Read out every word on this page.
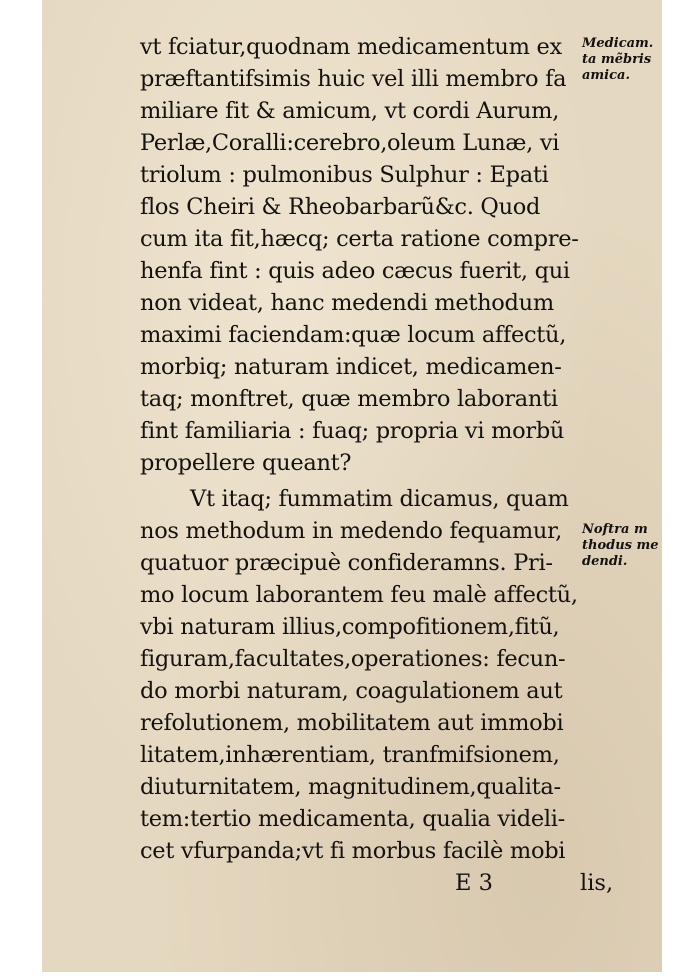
vt fciatur,quodnam medicamentum ex
præftantifsimis huic vel illi membro fa
miliare fit & amicum, vt cordi Aurum,
Perlæ,Coralli:cerebro,oleum Lunæ, vi
triolum : pulmonibus Sulphur : Epati
flos Cheiri & Rheobarbarũ&c. Quod
cum ita fit,hæcq; certa ratione compre-
henfa fint : quis adeo cæcus fuerit, qui
non videat, hanc medendi methodum
maximi faciendam:quæ locum affectũ,
morbiq; naturam indicet, medicamen-
taq; monftret, quæ membro laboranti
fint familiaria : fuaq; propria vi morbũ
propellere queant?
Vt itaq; fummatim dicamus, quam
nos methodum in medendo fequamur,
quatuor præcipuè confideramns. Pri-
mo locum laborantem feu malè affectũ,
vbi naturam illius,compofitionem,fitũ,
figuram,facultates,operationes: fecun-
do morbi naturam, coagulationem aut
refolutionem, mobilitatem aut immobi
litatem,inhærentiam, tranfmifsionem,
diuturnitatem, magnitudinem,qualita-
tem:tertio medicamenta, qualia videli-
cet vfurpanda;vt fi morbus facilè mobi
Medicam.
ta mẽbris
amica.
Noftra m
thodus me
dendi.
E 3	lis,
